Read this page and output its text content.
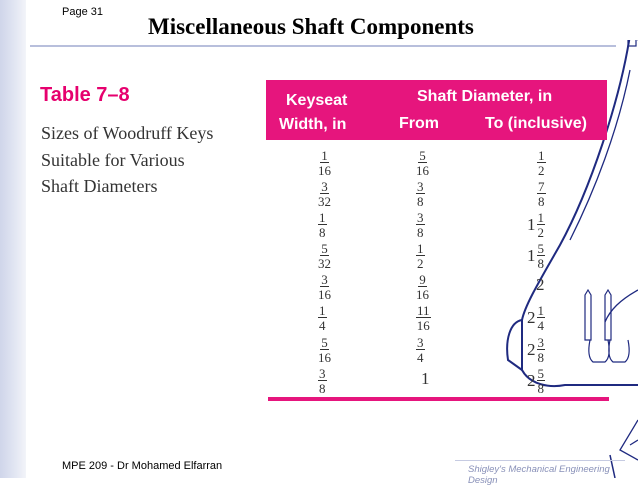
Page 31
Miscellaneous Shaft Components
Table 7–8
Sizes of Woodruff Keys
Suitable for Various
Shaft Diameters
Keyseat
Width, in
Shaft Diameter, in
From	To (inclusive)
$\frac{1}{16}$	$\frac{5}{16}$	$\frac{1}{2}$
$\frac{3}{32}$	$\frac{3}{8}$	$\frac{7}{8}$
$\frac{1}{8}$	$\frac{3}{8}$	$1 \frac{1}{2}$
$\frac{5}{32}$	$\frac{1}{2}$	$1 \frac{5}{8}$
$\frac{3}{16}$	$\frac{9}{16}$	2
$\frac{1}{4}$	$\frac{11}{16}$	$2 \frac{1}{4}$
$\frac{5}{16}$	$\frac{3}{4}$	$2 \frac{3}{8}$
$\frac{3}{8}$	1	$2 \frac{5}{8}$
MPE 209 - Dr Mohamed Elfarran	Shigley's Mechanical Engineering Design
